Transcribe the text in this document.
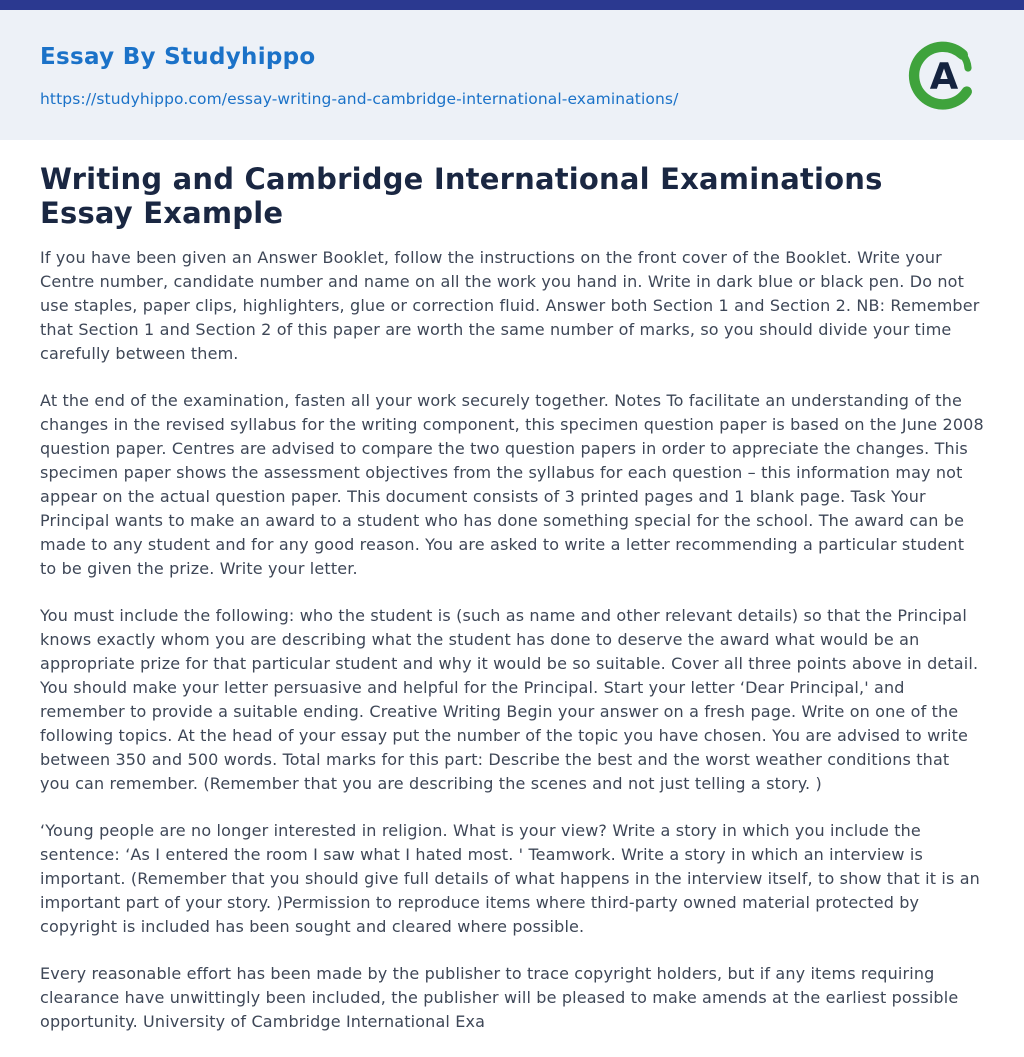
Essay By Studyhippo
https://studyhippo.com/essay-writing-and-cambridge-international-examinations/
A
Writing and Cambridge International Examinations Essay Example

If you have been given an Answer Booklet, follow the instructions on the front cover of the Booklet. Write your Centre number, candidate number and name on all the work you hand in. Write in dark blue or black pen. Do not use staples, paper clips, highlighters, glue or correction fluid. Answer both Section 1 and Section 2. NB: Remember that Section 1 and Section 2 of this paper are worth the same number of marks, so you should divide your time carefully between them.

At the end of the examination, fasten all your work securely together. Notes To facilitate an understanding of the changes in the revised syllabus for the writing component, this specimen question paper is based on the June 2008 question paper. Centres are advised to compare the two question papers in order to appreciate the changes. This specimen paper shows the assessment objectives from the syllabus for each question – this information may not appear on the actual question paper. This document consists of 3 printed pages and 1 blank page. Task Your Principal wants to make an award to a student who has done something special for the school. The award can be made to any student and for any good reason. You are asked to write a letter recommending a particular student to be given the prize. Write your letter.

You must include the following: who the student is (such as name and other relevant details) so that the Principal knows exactly whom you are describing what the student has done to deserve the award what would be an appropriate prize for that particular student and why it would be so suitable. Cover all three points above in detail. You should make your letter persuasive and helpful for the Principal. Start your letter ‘Dear Principal,' and remember to provide a suitable ending. Creative Writing Begin your answer on a fresh page. Write on one of the following topics. At the head of your essay put the number of the topic you have chosen. You are advised to write between 350 and 500 words. Total marks for this part: Describe the best and the worst weather conditions that you can remember. (Remember that you are describing the scenes and not just telling a story. )

‘Young people are no longer interested in religion. What is your view? Write a story in which you include the sentence: ‘As I entered the room I saw what I hated most. ' Teamwork. Write a story in which an interview is important. (Remember that you should give full details of what happens in the interview itself, to show that it is an important part of your story. )Permission to reproduce items where third-party owned material protected by copyright is included has been sought and cleared where possible.

Every reasonable effort has been made by the publisher to trace copyright holders, but if any items requiring clearance have unwittingly been included, the publisher will be pleased to make amends at the earliest possible opportunity. University of Cambridge International Exa
